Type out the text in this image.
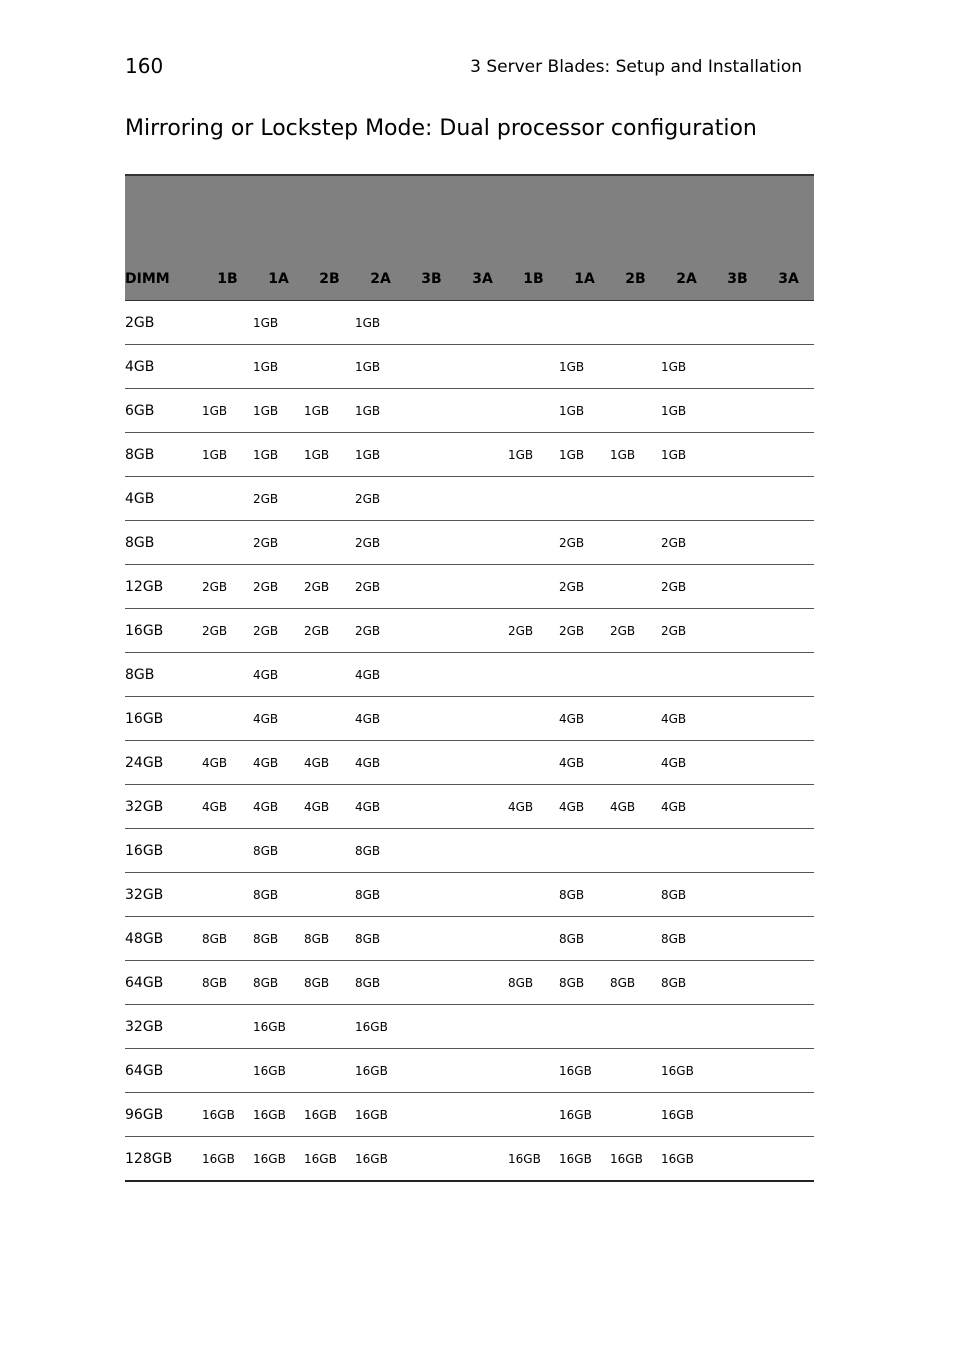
160	3 Server Blades: Setup and Installation
Mirroring or Lockstep Mode: Dual processor configuration

DIMM	1B	1A	2B	2A	3B	3A	1B	1A	2B	2A	3B	3A
2GB		1GB		1GB								
4GB		1GB		1GB				1GB		1GB		
6GB	1GB	1GB	1GB	1GB				1GB		1GB		
8GB	1GB	1GB	1GB	1GB			1GB	1GB	1GB	1GB		
4GB		2GB		2GB								
8GB		2GB		2GB				2GB		2GB		
12GB	2GB	2GB	2GB	2GB				2GB		2GB		
16GB	2GB	2GB	2GB	2GB			2GB	2GB	2GB	2GB		
8GB		4GB		4GB								
16GB		4GB		4GB				4GB		4GB		
24GB	4GB	4GB	4GB	4GB				4GB		4GB		
32GB	4GB	4GB	4GB	4GB			4GB	4GB	4GB	4GB		
16GB		8GB		8GB								
32GB		8GB		8GB				8GB		8GB		
48GB	8GB	8GB	8GB	8GB				8GB		8GB		
64GB	8GB	8GB	8GB	8GB			8GB	8GB	8GB	8GB		
32GB		16GB		16GB								
64GB		16GB		16GB				16GB		16GB		
96GB	16GB	16GB	16GB	16GB				16GB		16GB		
128GB	16GB	16GB	16GB	16GB			16GB	16GB	16GB	16GB		
